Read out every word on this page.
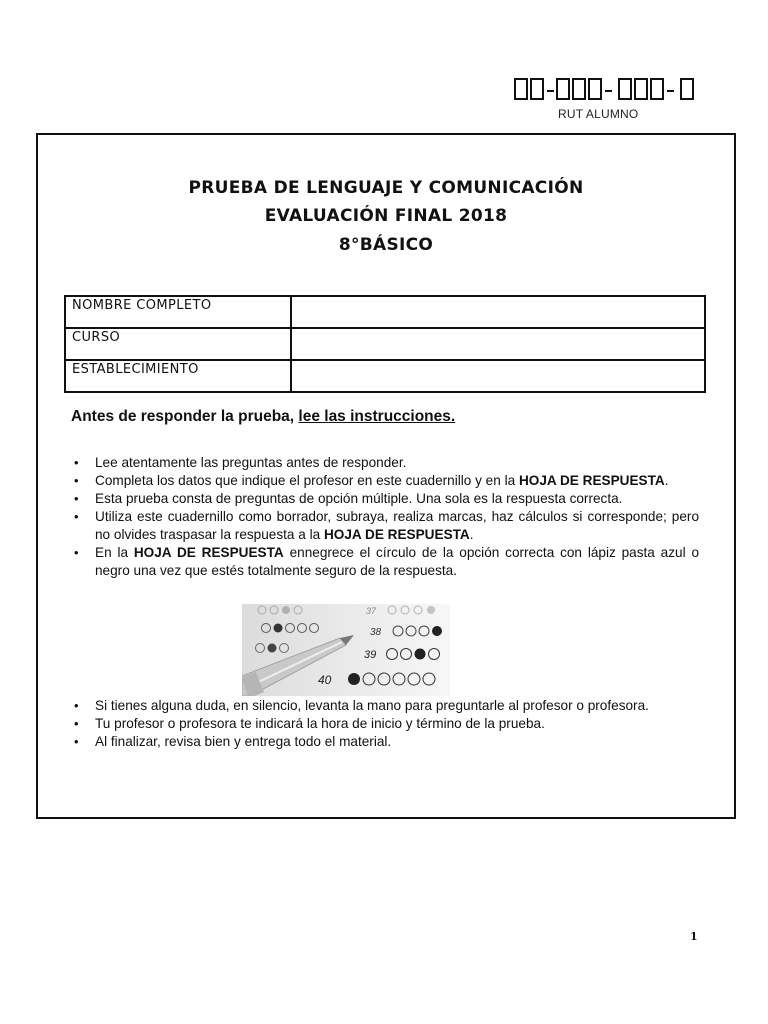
RUT ALUMNO
PRUEBA DE LENGUAJE Y COMUNICACIÓN
EVALUACIÓN FINAL 2018
8°BÁSICO
NOMBRE COMPLETO	
CURSO	
ESTABLECIMIENTO	
Antes de responder la prueba, lee las instrucciones.
• Lee atentamente las preguntas antes de responder.
• Completa los datos que indique el profesor en este cuadernillo y en la HOJA DE RESPUESTA.
• Esta prueba consta de preguntas de opción múltiple. Una sola es la respuesta correcta.
• Utiliza este cuadernillo como borrador, subraya, realiza marcas, haz cálculos si corresponde; pero no olvides traspasar la respuesta a la HOJA DE RESPUESTA.
• En la HOJA DE RESPUESTA ennegrece el círculo de la opción correcta con lápiz pasta azul o negro una vez que estés totalmente seguro de la respuesta.
37
38
39
40
• Si tienes alguna duda, en silencio, levanta la mano para preguntarle al profesor o profesora.
• Tu profesor o profesora te indicará la hora de inicio y término de la prueba.
• Al finalizar, revisa bien y entrega todo el material.
1
